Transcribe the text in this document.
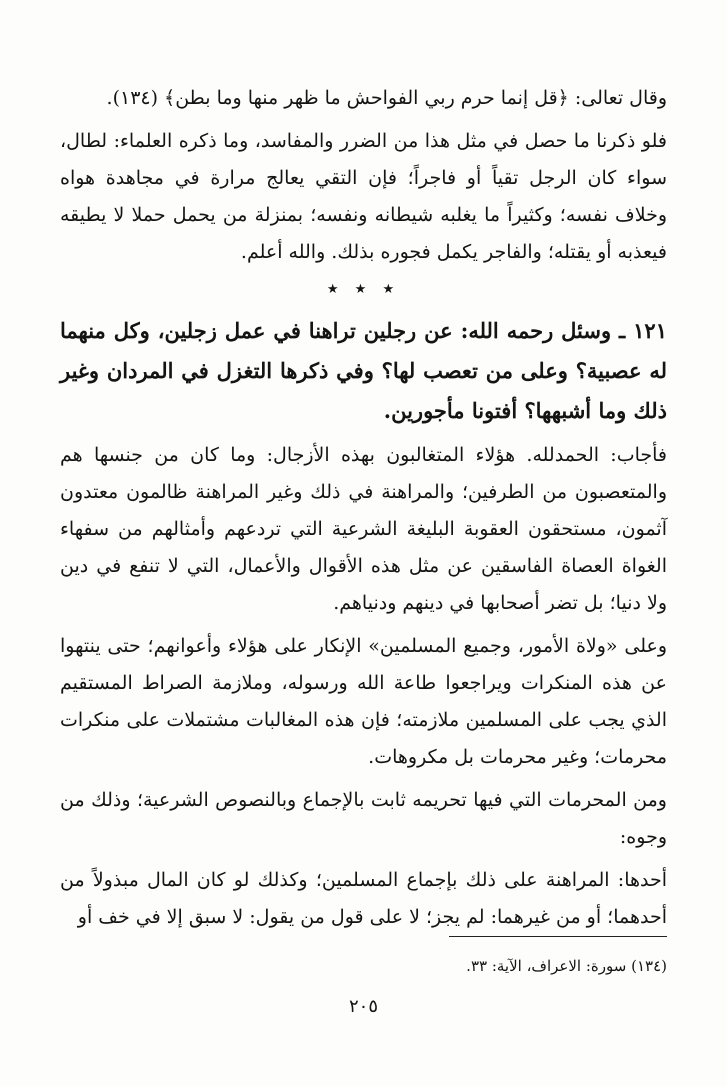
وقال تعالى: ﴿قل إنما حرم ربي الفواحش ما ظهر منها وما بطن﴾ (١٣٤).

فلو ذكرنا ما حصل في مثل هذا من الضرر والمفاسد، وما ذكره العلماء: لطال، سواء كان الرجل تقياً أو فاجراً؛ فإن التقي يعالج مرارة في مجاهدة هواه وخلاف نفسه؛ وكثيراً ما يغلبه شيطانه ونفسه؛ بمنزلة من يحمل حملا لا يطيقه فيعذبه أو يقتله؛ والفاجر يكمل فجوره بذلك. والله أعلم.

★ ★ ★

١٢١ ـ وسئل رحمه الله: عن رجلين تراهنا في عمل زجلين، وكل منهما له عصبية؟ وعلى من تعصب لها؟ وفي ذكرها التغزل في المردان وغير ذلك وما أشبهها؟ أفتونا مأجورين.

فأجاب: الحمدلله. هؤلاء المتغالبون بهذه الأزجال: وما كان من جنسها هم والمتعصبون من الطرفين؛ والمراهنة في ذلك وغير المراهنة ظالمون معتدون آثمون، مستحقون العقوبة البليغة الشرعية التي تردعهم وأمثالهم من سفهاء الغواة العصاة الفاسقين عن مثل هذه الأقوال والأعمال، التي لا تنفع في دين ولا دنيا؛ بل تضر أصحابها في دينهم ودنياهم.

وعلى «ولاة الأمور، وجميع المسلمين» الإنكار على هؤلاء وأعوانهم؛ حتى ينتهوا عن هذه المنكرات ويراجعوا طاعة الله ورسوله، وملازمة الصراط المستقيم الذي يجب على المسلمين ملازمته؛ فإن هذه المغالبات مشتملات على منكرات محرمات؛ وغير محرمات بل مكروهات.

ومن المحرمات التي فيها تحريمه ثابت بالإجماع وبالنصوص الشرعية؛ وذلك من وجوه:

أحدها: المراهنة على ذلك بإجماع المسلمين؛ وكذلك لو كان المال مبذولاً من أحدهما؛ أو من غيرهما: لم يجز؛ لا على قول من يقول: لا سبق إلا في خف أو

(١٣٤) سورة: الاعراف، الآية: ٣٣.
٢٠٥
